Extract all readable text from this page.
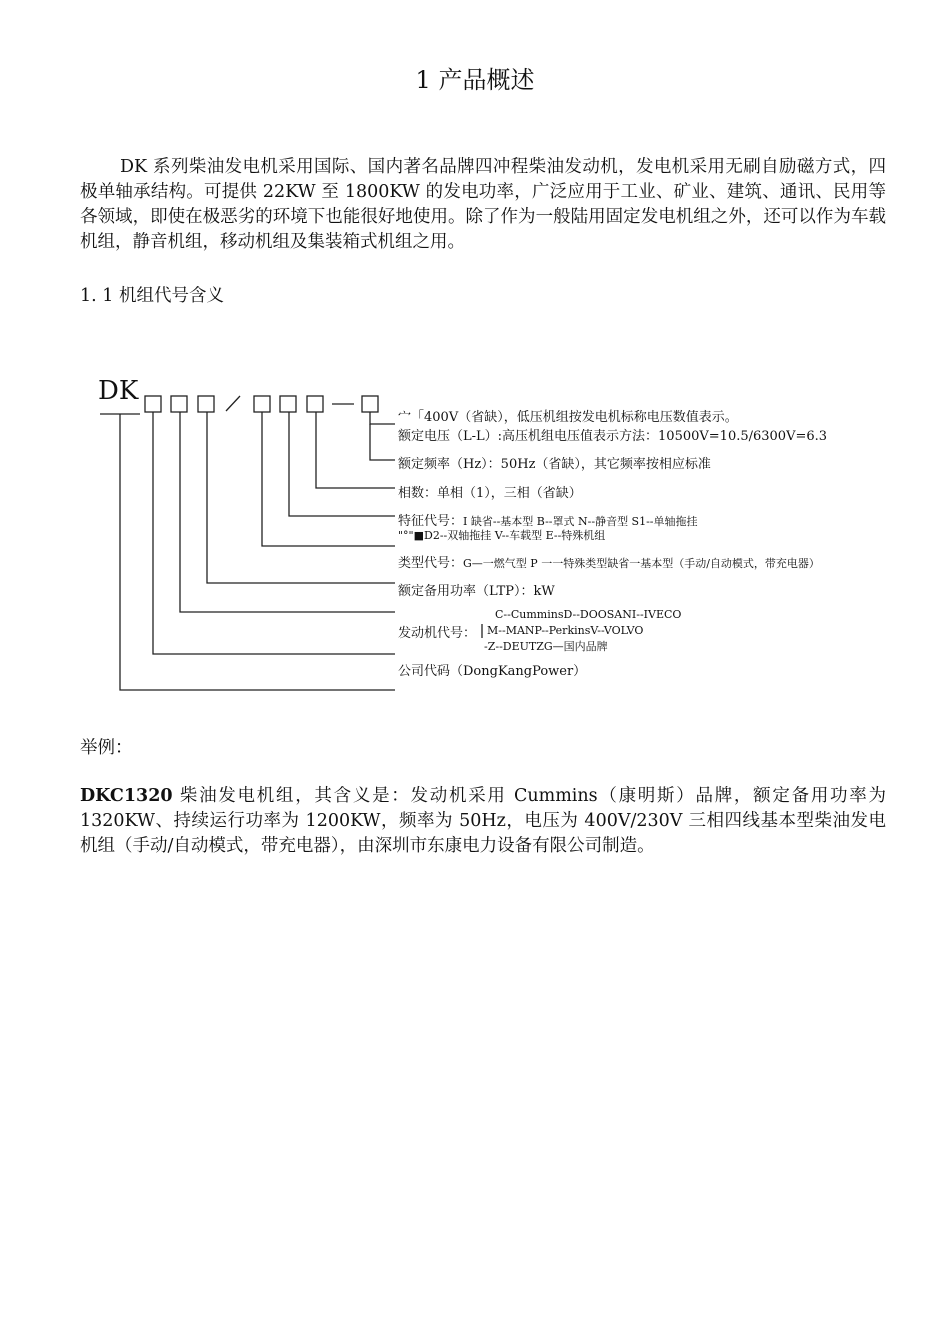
1 产品概述
DK 系列柴油发电机采用国际、国内著名品牌四冲程柴油发动机，发电机采用无刷自励磁方式，四极单轴承结构。可提供 22KW 至 1800KW 的发电功率，广泛应用于工业、矿业、建筑、通讯、民用等各领域，即使在极恶劣的环境下也能很好地使用。除了作为一般陆用固定发电机组之外，还可以作为车载机组，静音机组，移动机组及集装箱式机组之用。
1. 1 机组代号含义
DK
宀「400V（省缺），低压机组按发电机标称电压数值表示。
额定电压（L-L）:高压机组电压值表示方法：10500V=10.5/6300V=6.3
额定频率（Hz）：50Hz（省缺），其它频率按相应标准
相数：单相（1），三相（省缺）
特征代号：I 缺省--基本型 B--罩式 N--静音型 S1--单轴拖挂
"°"■D2--双轴拖挂 V--车载型 E--特殊机组
类型代号：G—一燃气型 P 一一特殊类型缺省一基本型（手动/自动模式，带充电器）
额定备用功率（LTP）：kW
C--CumminsD--DOOSANI--IVECO
发动机代号： M--MANP--PerkinsV--VOLVO
-Z--DEUTZG—国内品牌
公司代码（DongKangPower）
举例：
DKC1320 柴油发电机组，其含义是：发动机采用 Cummins（康明斯）品牌，额定备用功率为 1320KW、持续运行功率为 1200KW，频率为 50Hz，电压为 400V/230V 三相四线基本型柴油发电机组（手动/自动模式，带充电器），由深圳市东康电力设备有限公司制造。
